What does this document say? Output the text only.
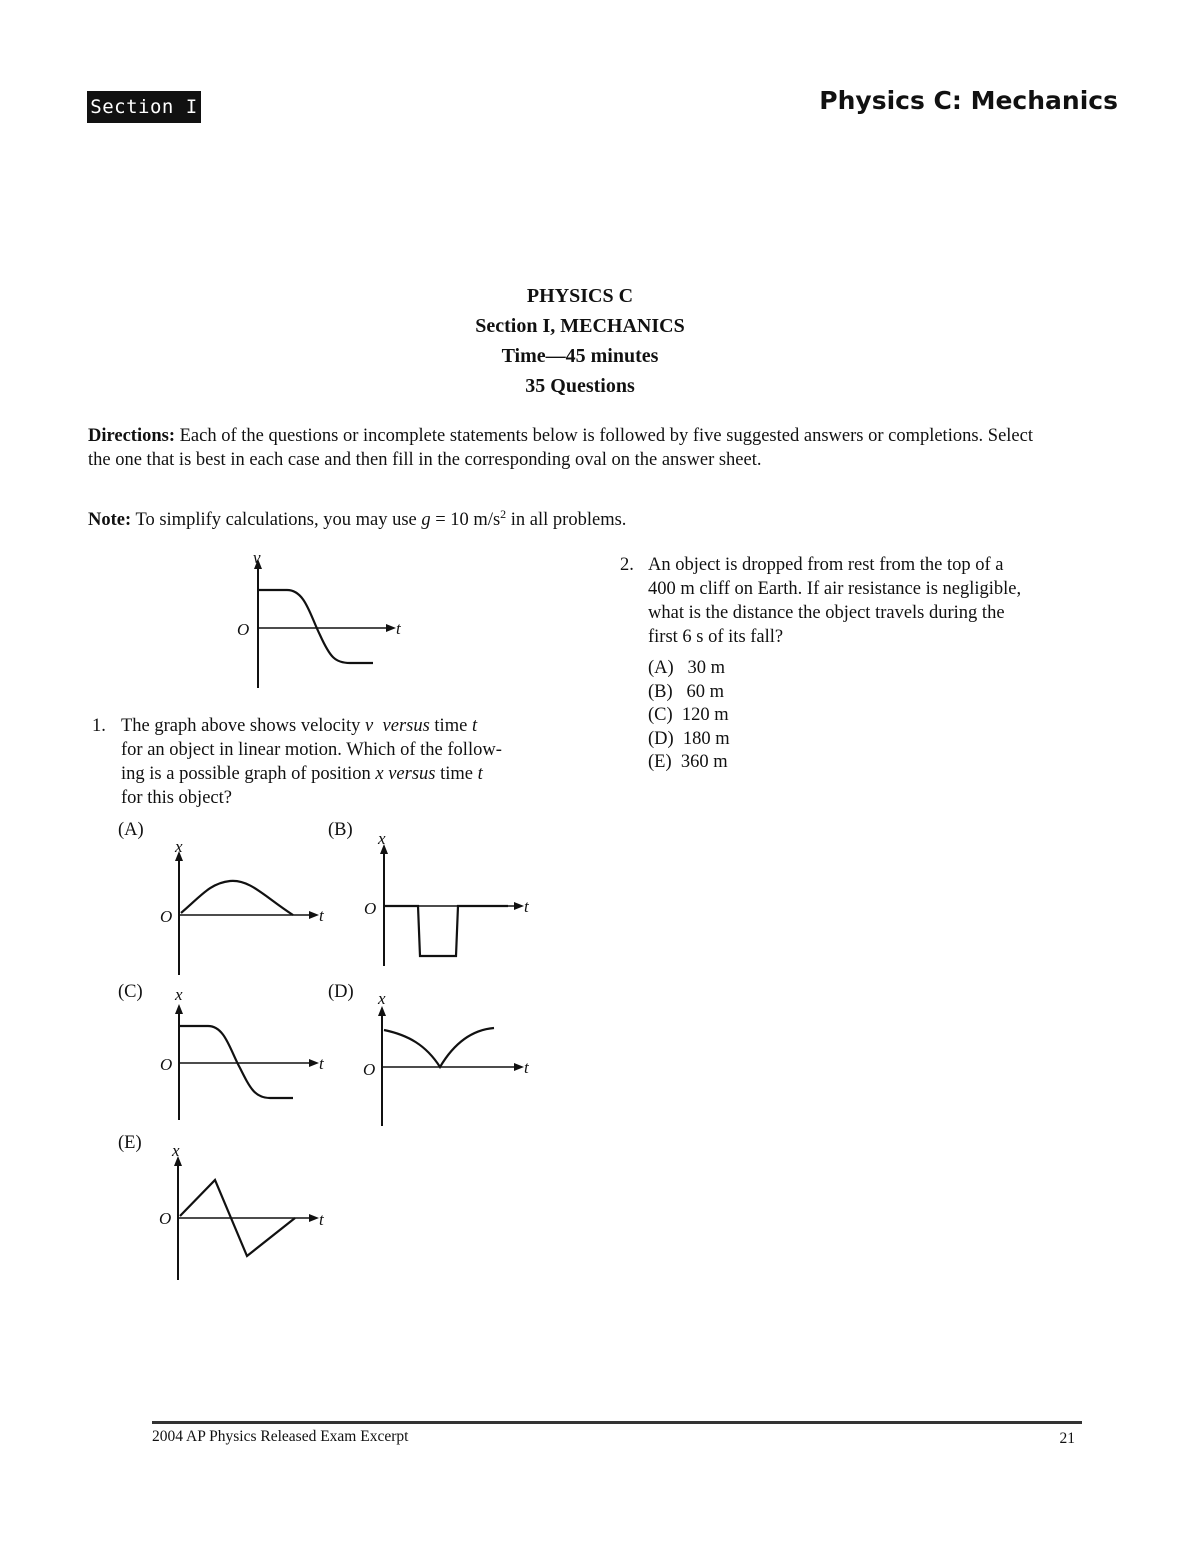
Section I	Physics C: Mechanics
PHYSICS C
Section I, MECHANICS
Time—45 minutes
35 Questions
Directions: Each of the questions or incomplete statements below is followed by five suggested answers or completions. Select the one that is best in each case and then fill in the corresponding oval on the answer sheet.
Note: To simplify calculations, you may use g = 10 $m/s^2$ in all problems.
v
O	t
1. The graph above shows velocity v versus time t
for an object in linear motion. Which of the follow-
ing is a possible graph of position x versus time t
for this object?
(A)	(B)
(C)	(D)
(E)
x
O	t
x
O	t
x
O	t
x
O	t
x
O	t
2. An object is dropped from rest from the top of a
400 m cliff on Earth. If air resistance is negligible,
what is the distance the object travels during the
first 6 s of its fall?
(A)   30 m
(B)   60 m
(C)  120 m
(D)  180 m
(E)  360 m
2004 AP Physics Released Exam Excerpt	21
